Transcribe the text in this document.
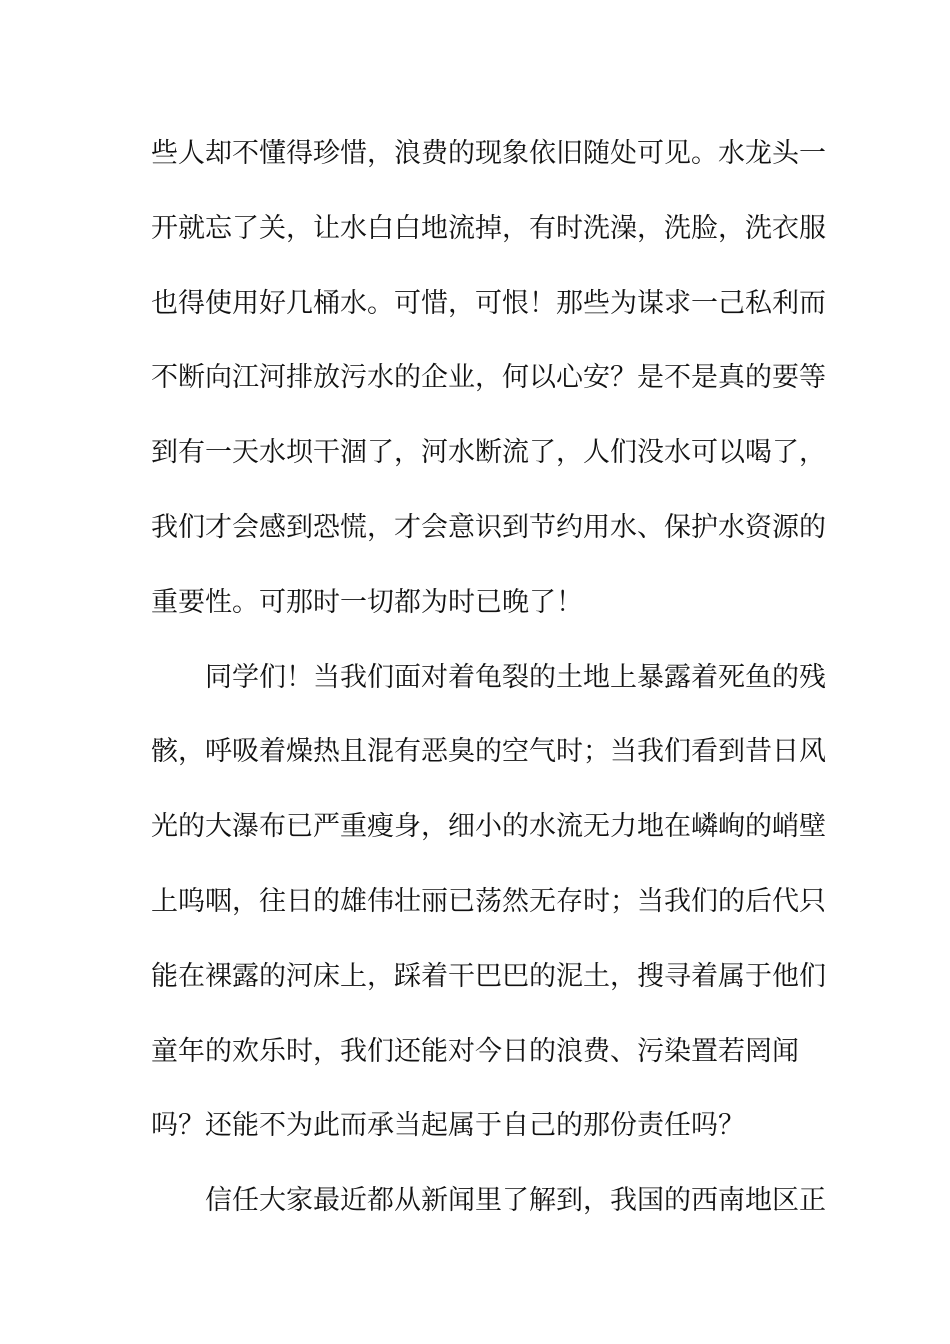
些人却不懂得珍惜，浪费的现象依旧随处可见。水龙头一
开就忘了关，让水白白地流掉，有时洗澡，洗脸，洗衣服
也得使用好几桶水。可惜，可恨！那些为谋求一己私利而
不断向江河排放污水的企业，何以心安？是不是真的要等
到有一天水坝干涸了，河水断流了，人们没水可以喝了，
我们才会感到恐慌，才会意识到节约用水、保护水资源的
重要性。可那时一切都为时已晚了！
　　同学们！当我们面对着龟裂的土地上暴露着死鱼的残
骸，呼吸着燥热且混有恶臭的空气时；当我们看到昔日风
光的大瀑布已严重瘦身，细小的水流无力地在嶙峋的峭壁
上呜咽，往日的雄伟壮丽已荡然无存时；当我们的后代只
能在裸露的河床上，踩着干巴巴的泥土，搜寻着属于他们
童年的欢乐时，我们还能对今日的浪费、污染置若罔闻
吗？还能不为此而承当起属于自己的那份责任吗？
　　信任大家最近都从新闻里了解到，我国的西南地区正
